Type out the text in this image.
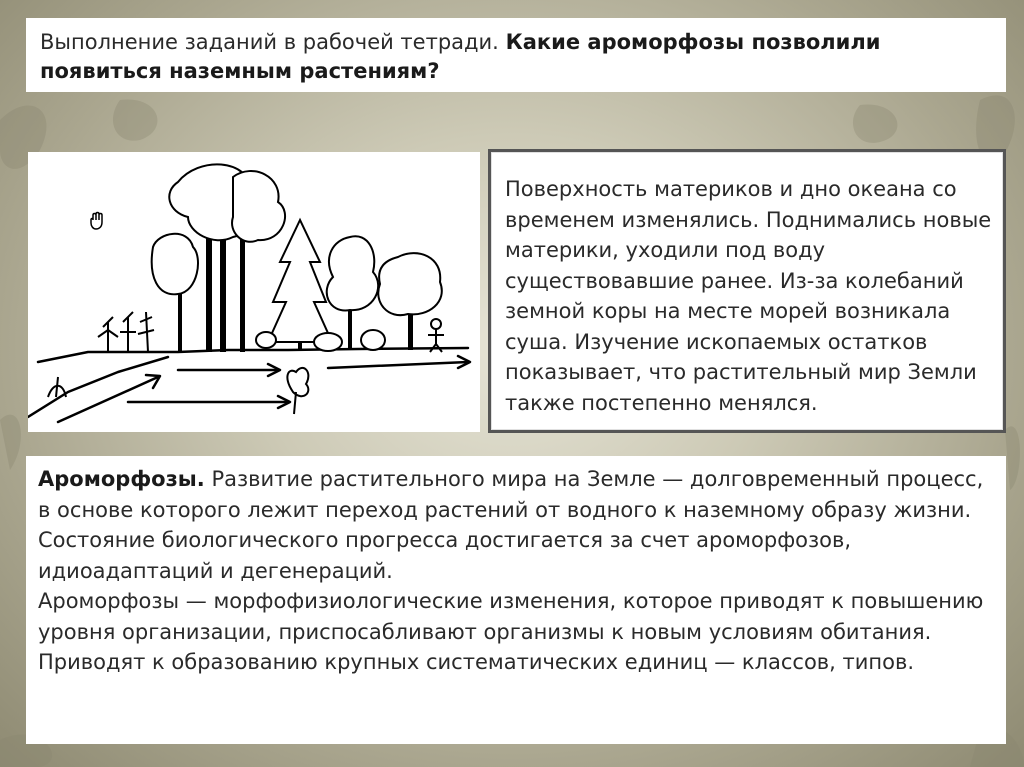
Выполнение заданий в рабочей тетради. Какие ароморфозы позволили появиться наземным растениям?

Поверхность материков и дно океана со временем изменялись. Поднимались новые материки, уходили под воду существовавшие ранее. Из-за колебаний земной коры на месте морей возникала суша. Изучение ископаемых остатков показывает, что растительный мир Земли также постепенно менялся.

Ароморфозы. Развитие растительного мира на Земле — долговременный процесс, в основе которого лежит переход растений от водного к наземному образу жизни.

Состояние биологического прогресса достигается за счет ароморфозов, идиоадаптаций и дегенераций.

Ароморфозы — морфофизиологические изменения, которое приводят к повышению уровня организации, приспосабливают организмы к новым условиям обитания. Приводят к образованию крупных систематических единиц — классов, типов.
